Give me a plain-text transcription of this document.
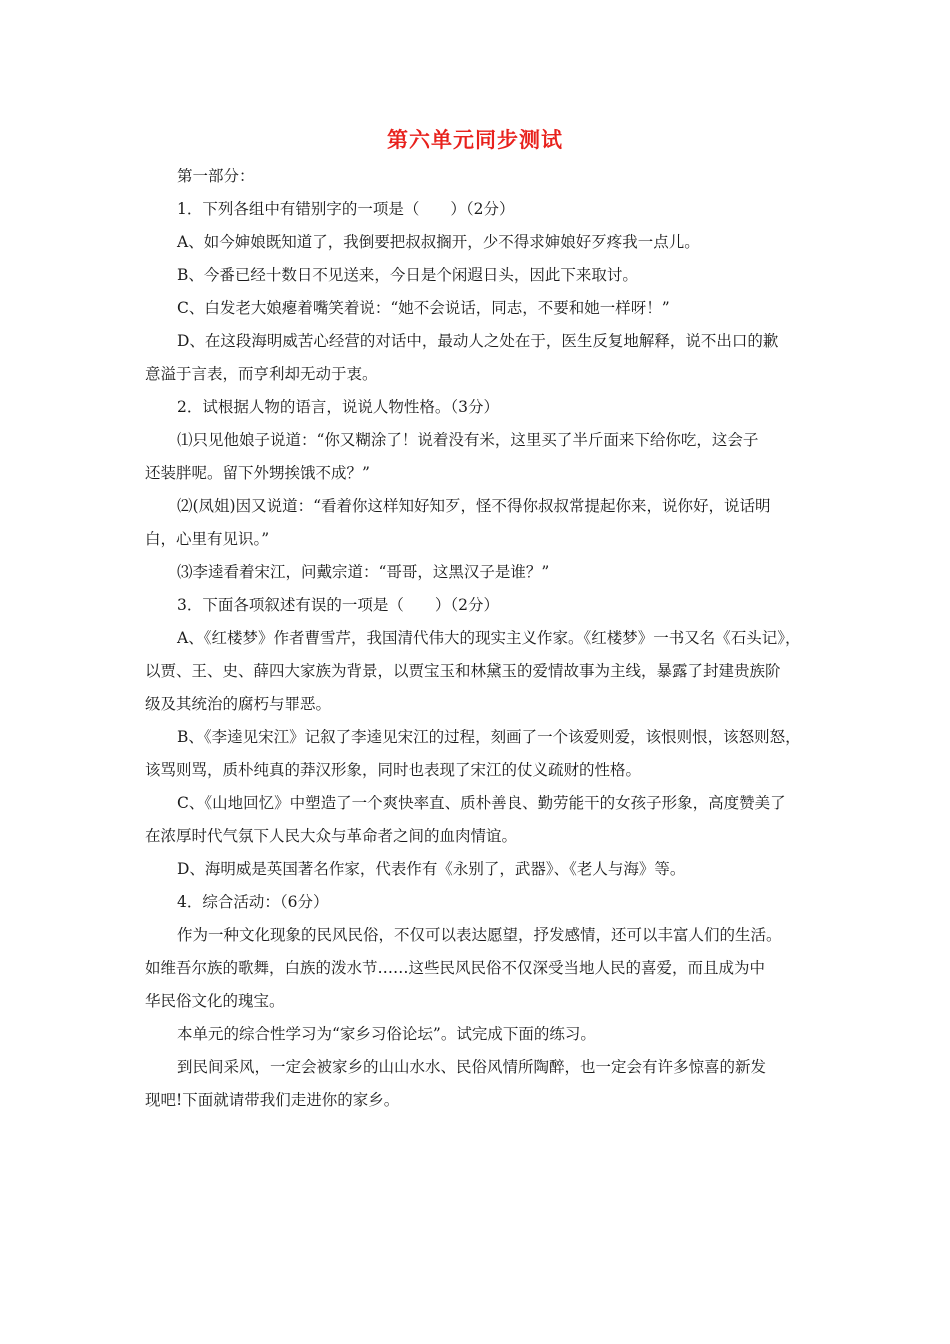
第六单元同步测试
第一部分：
1．下列各组中有错别字的一项是（　　）（2分）
A、如今婶娘既知道了，我倒要把叔叔搁开，少不得求婶娘好歹疼我一点儿。
B、今番已经十数日不见送来，今日是个闲遐日头，因此下来取讨。
C、白发老大娘瘪着嘴笑着说：“她不会说话，同志，不要和她一样呀！”
D、在这段海明威苦心经营的对话中，最动人之处在于，医生反复地解释，说不出口的歉
意溢于言表，而亨利却无动于衷。
2．试根据人物的语言，说说人物性格。（3分）
⑴只见他娘子说道：“你又糊涂了！说着没有米，这里买了半斤面来下给你吃，这会子
还装胖呢。留下外甥挨饿不成？”
⑵(凤姐)因又说道：“看着你这样知好知歹，怪不得你叔叔常提起你来，说你好，说话明
白，心里有见识。”
⑶李逵看着宋江，问戴宗道：“哥哥，这黑汉子是谁？”
3．下面各项叙述有误的一项是（　　）（2分）
A、《红楼梦》作者曹雪芹，我国清代伟大的现实主义作家。《红楼梦》一书又名《石头记》，
以贾、王、史、薛四大家族为背景，以贾宝玉和林黛玉的爱情故事为主线，暴露了封建贵族阶
级及其统治的腐朽与罪恶。
B、《李逵见宋江》记叙了李逵见宋江的过程，刻画了一个该爱则爱，该恨则恨，该怒则怒，
该骂则骂，质朴纯真的莽汉形象，同时也表现了宋江的仗义疏财的性格。
C、《山地回忆》中塑造了一个爽快率直、质朴善良、勤劳能干的女孩子形象，高度赞美了
在浓厚时代气氛下人民大众与革命者之间的血肉情谊。
D、海明威是英国著名作家，代表作有《永别了，武器》、《老人与海》等。
4．综合活动：（6分）
作为一种文化现象的民风民俗，不仅可以表达愿望，抒发感情，还可以丰富人们的生活。
如维吾尔族的歌舞，白族的泼水节……这些民风民俗不仅深受当地人民的喜爱，而且成为中
华民俗文化的瑰宝。
本单元的综合性学习为“家乡习俗论坛”。试完成下面的练习。
到民间采风，一定会被家乡的山山水水、民俗风情所陶醉，也一定会有许多惊喜的新发
现吧!下面就请带我们走进你的家乡。
